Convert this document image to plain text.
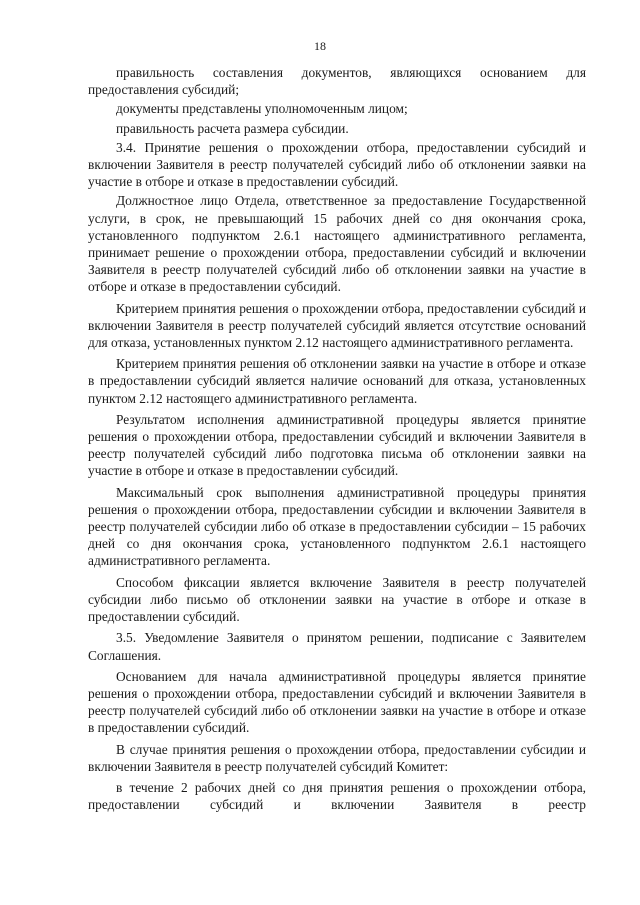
18

правильность составления документов, являющихся основанием для предоставления субсидий;

документы представлены уполномоченным лицом;

правильность расчета размера субсидии.

3.4. Принятие решения о прохождении отбора, предоставлении субсидий и включении Заявителя в реестр получателей субсидий либо об отклонении заявки на участие в отборе и отказе в предоставлении субсидий.

Должностное лицо Отдела, ответственное за предоставление Государственной услуги, в срок, не превышающий 15 рабочих дней со дня окончания срока, установленного подпунктом 2.6.1 настоящего административного регламента, принимает решение о прохождении отбора, предоставлении субсидий и включении Заявителя в реестр получателей субсидий либо об отклонении заявки на участие в отборе и отказе в предоставлении субсидий.

Критерием принятия решения о прохождении отбора, предоставлении субсидий и включении Заявителя в реестр получателей субсидий является отсутствие оснований для отказа, установленных пунктом 2.12 настоящего административного регламента.

Критерием принятия решения об отклонении заявки на участие в отборе и отказе в предоставлении субсидий является наличие оснований для отказа, установленных пунктом 2.12 настоящего административного регламента.

Результатом исполнения административной процедуры является принятие решения о прохождении отбора, предоставлении субсидий и включении Заявителя в реестр получателей субсидий либо подготовка письма об отклонении заявки на участие в отборе и отказе в предоставлении субсидий.

Максимальный срок выполнения административной процедуры принятия решения о прохождении отбора, предоставлении субсидии и включении Заявителя в реестр получателей субсидии либо об отказе в предоставлении субсидии – 15 рабочих дней со дня окончания срока, установленного подпунктом 2.6.1 настоящего административного регламента.

Способом фиксации является включение Заявителя в реестр получателей субсидии либо письмо об отклонении заявки на участие в отборе и отказе в предоставлении субсидий.

3.5. Уведомление Заявителя о принятом решении, подписание с Заявителем Соглашения.

Основанием для начала административной процедуры является принятие решения о прохождении отбора, предоставлении субсидий и включении Заявителя в реестр получателей субсидий либо об отклонении заявки на участие в отборе и отказе в предоставлении субсидий.

В случае принятия решения о прохождении отбора, предоставлении субсидии и включении Заявителя в реестр получателей субсидий Комитет:

в течение 2 рабочих дней со дня принятия решения о прохождении отбора, предоставлении субсидий и включении Заявителя в реестр
